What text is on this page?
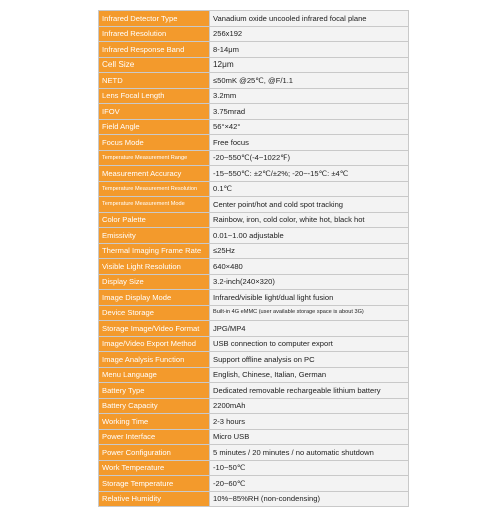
Infrared Detector Type	Vanadium oxide uncooled infrared focal plane
Infrared Resolution	256x192
Infrared Response Band	8-14μm
Cell Size	12μm
NETD	≤50mK @25℃, @F/1.1
Lens Focal Length	3.2mm
IFOV	3.75mrad
Field Angle	56°×42°
Focus Mode	Free focus
Temperature Measurement Range	-20~550℃(-4~1022℉)
Measurement Accuracy	-15~550℃: ±2℃/±2%; -20~-15℃: ±4℃
Temperature Measurement Resolution	0.1℃
Temperature Measurement Mode	Center point/hot and cold spot tracking
Color Palette	Rainbow, iron, cold color, white hot, black hot
Emissivity	0.01~1.00 adjustable
Thermal Imaging Frame Rate	≤25Hz
Visible Light Resolution	640×480
Display Size	3.2-inch(240×320)
Image Display Mode	Infrared/visible light/dual light fusion
Device Storage	Built-in 4G eMMC (user available storage space is about 3G)
Storage Image/Video Format	JPG/MP4
Image/Video Export Method	USB connection to computer export
Image Analysis Function	Support offline analysis on PC
Menu Language	English, Chinese, Italian, German
Battery Type	Dedicated removable rechargeable lithium battery
Battery Capacity	2200mAh
Working Time	2-3 hours
Power Interface	Micro USB
Power Configuration	5 minutes / 20 minutes / no automatic shutdown
Work Temperature	-10~50℃
Storage Temperature	-20~60℃
Relative Humidity	10%~85%RH (non-condensing)
